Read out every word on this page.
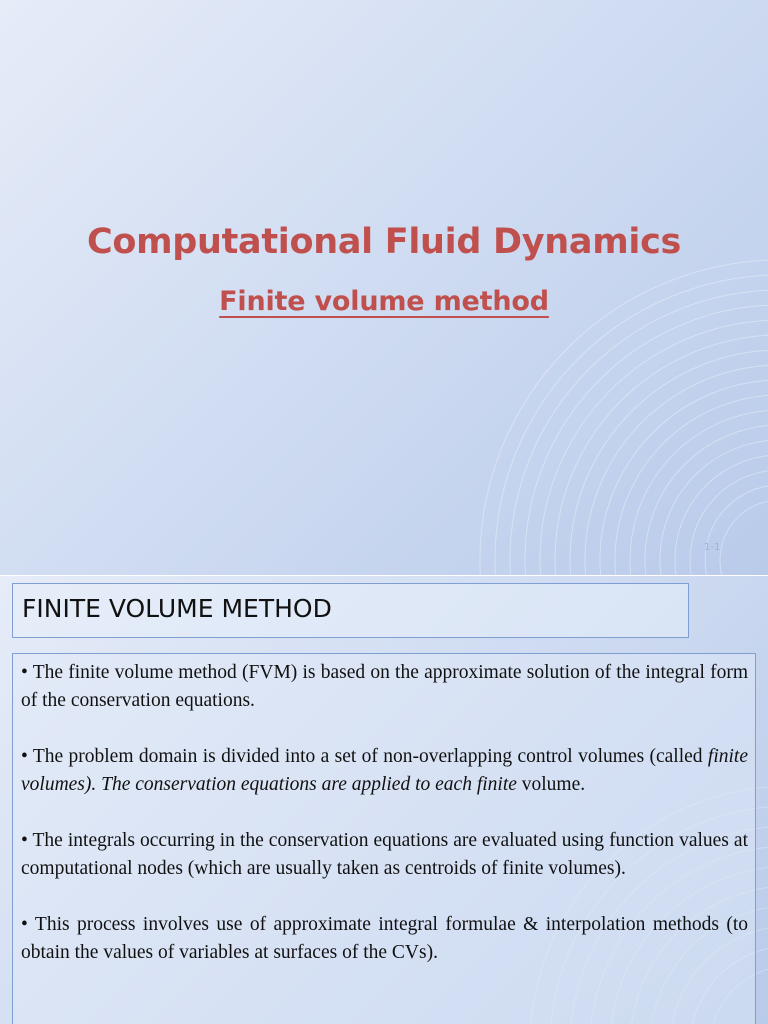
Computational Fluid Dynamics
Finite volume method
1-1
FINITE VOLUME METHOD
• The finite volume method (FVM) is based on the approximate solution of the integral form of the conservation equations.
• The problem domain is divided into a set of non-overlapping control volumes (called finite volumes). The conservation equations are applied to each finite volume.
• The integrals occurring in the conservation equations are evaluated using function values at computational nodes (which are usually taken as centroids of finite volumes).
• This process involves use of approximate integral formulae & interpolation methods (to obtain the values of variables at surfaces of the CVs).
